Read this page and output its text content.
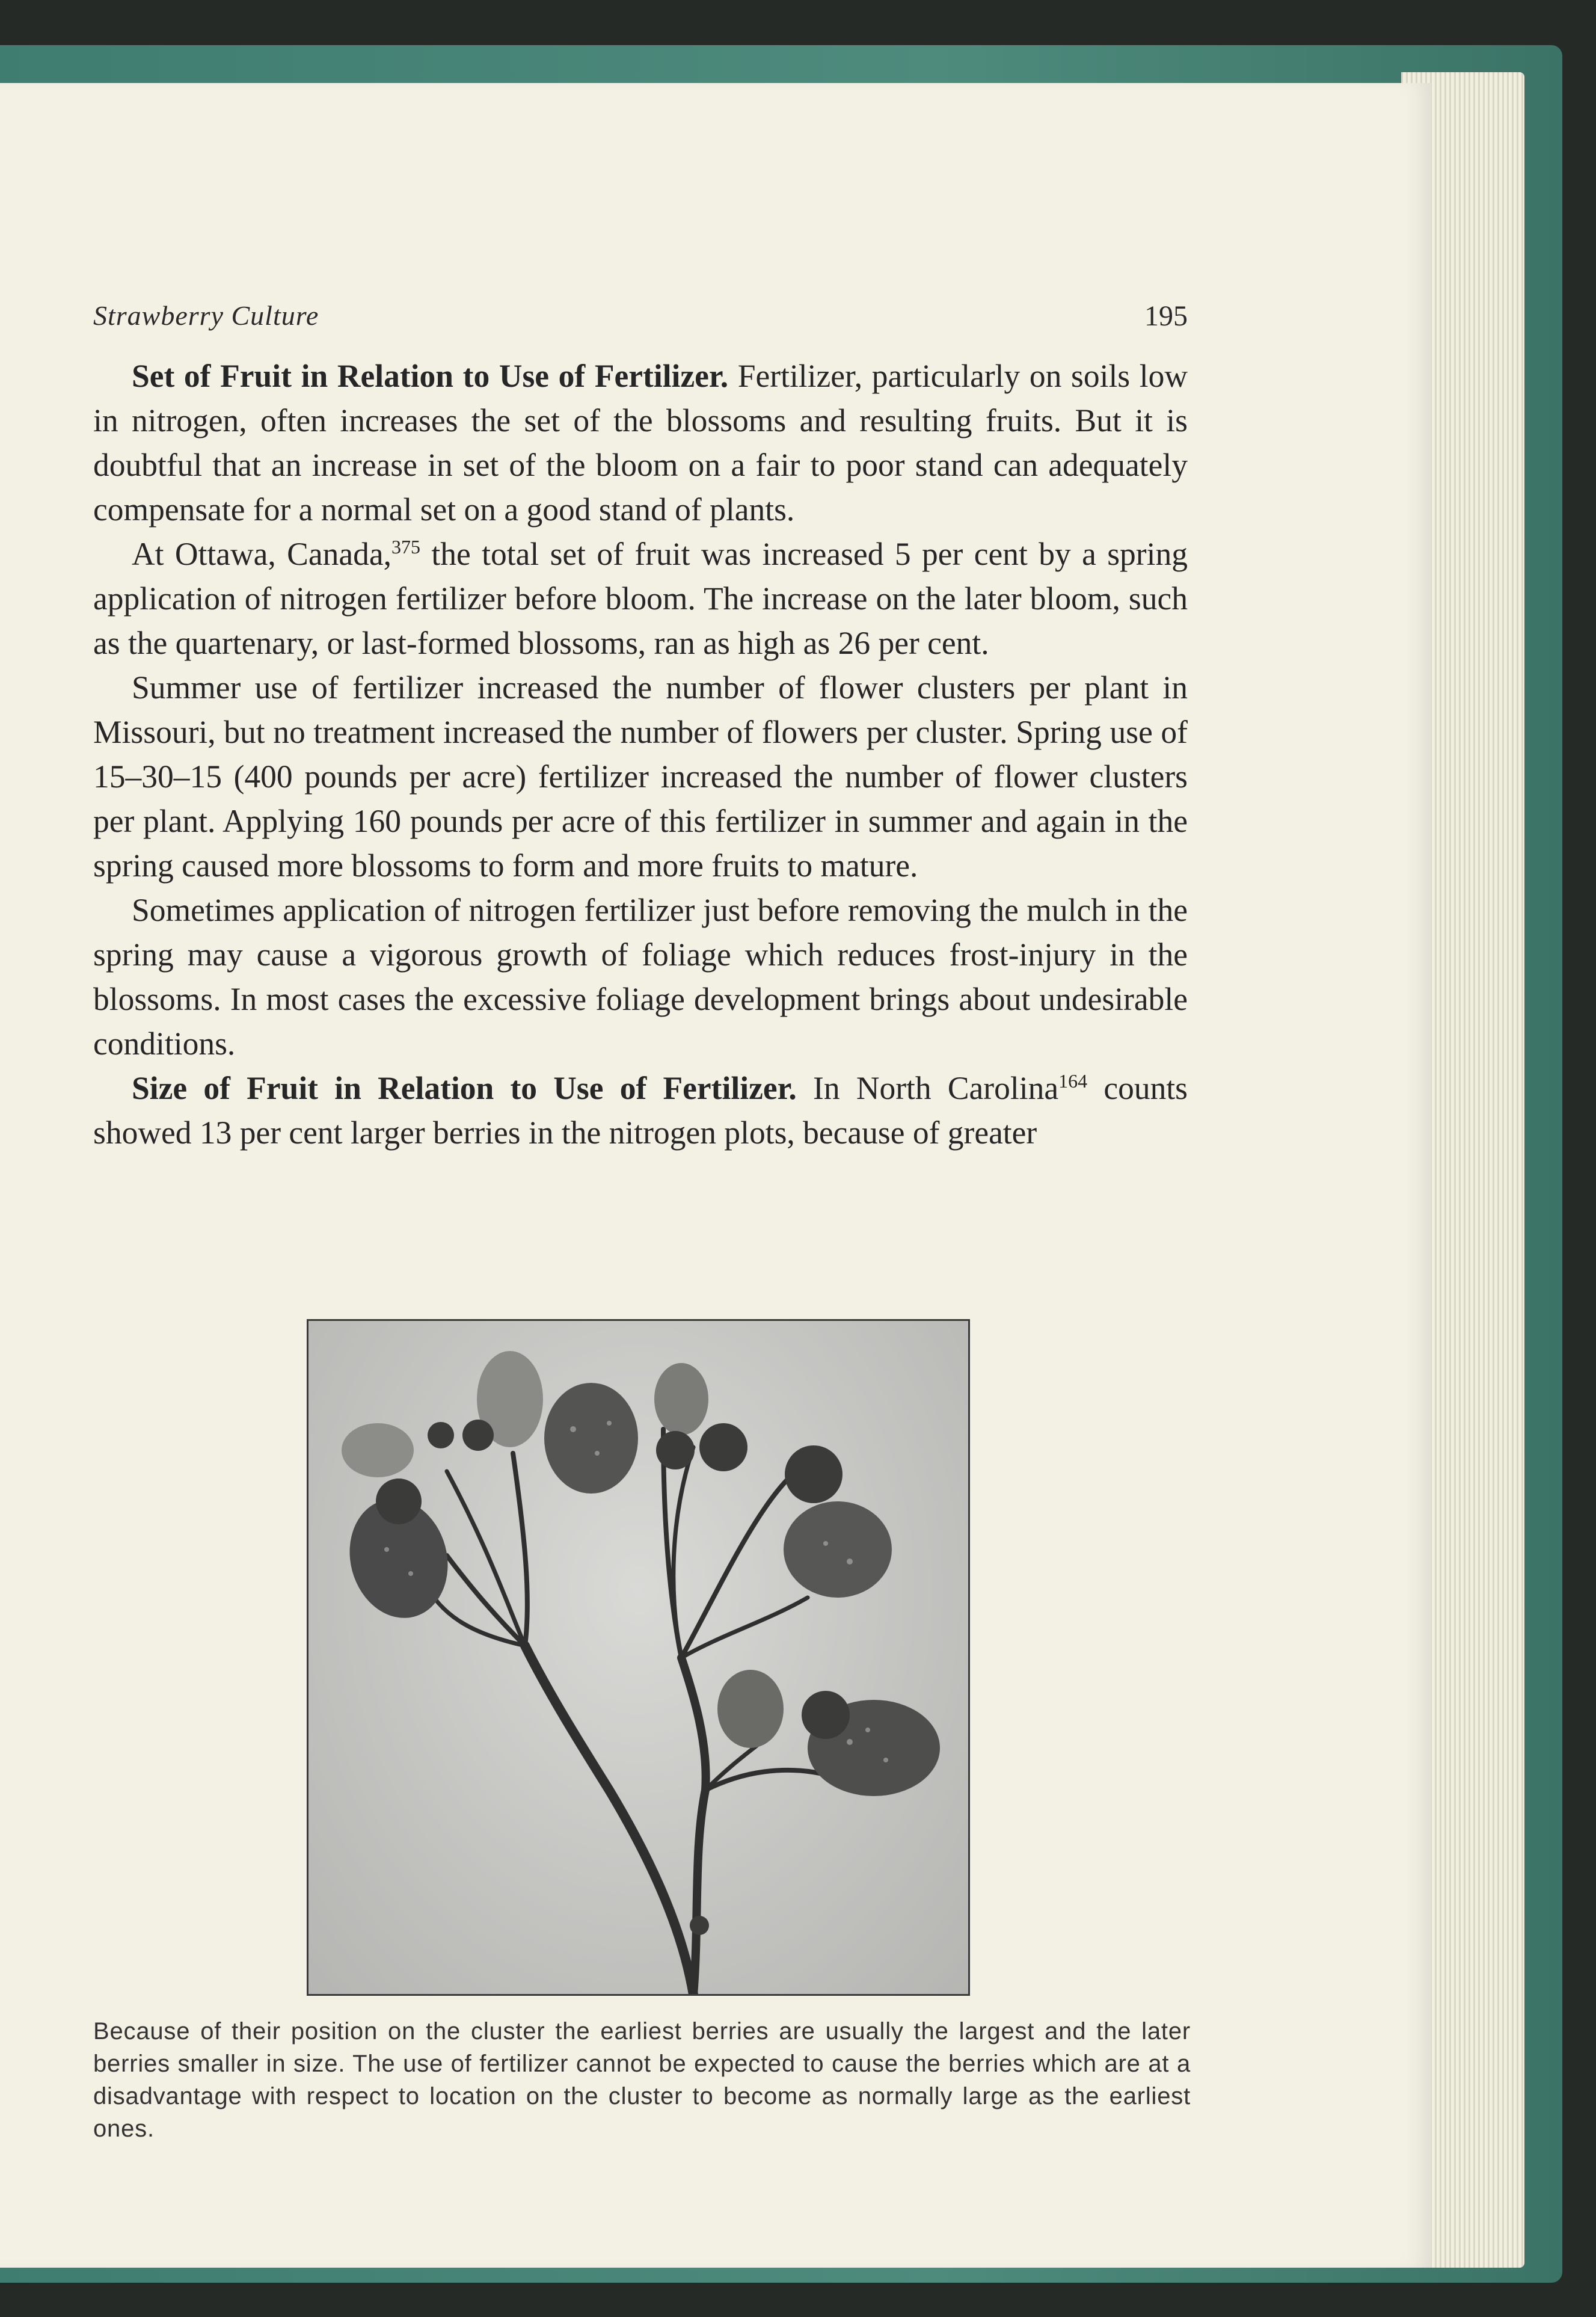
Strawberry Culture	195

Set of Fruit in Relation to Use of Fertilizer. Fertilizer, particularly on soils low in nitrogen, often increases the set of the blossoms and resulting fruits. But it is doubtful that an increase in set of the bloom on a fair to poor stand can adequately compensate for a normal set on a good stand of plants.

At Ottawa, Canada,$^{375}$ the total set of fruit was increased 5 per cent by a spring application of nitrogen fertilizer before bloom. The increase on the later bloom, such as the quartenary, or last-formed blossoms, ran as high as 26 per cent.

Summer use of fertilizer increased the number of flower clusters per plant in Missouri, but no treatment increased the number of flowers per cluster. Spring use of 15–30–15 (400 pounds per acre) fertilizer increased the number of flower clusters per plant. Applying 160 pounds per acre of this fertilizer in summer and again in the spring caused more blossoms to form and more fruits to mature.

Sometimes application of nitrogen fertilizer just before removing the mulch in the spring may cause a vigorous growth of foliage which reduces frost-injury in the blossoms. In most cases the excessive foliage development brings about undesirable conditions.

Size of Fruit in Relation to Use of Fertilizer. In North Carolina$^{164}$ counts showed 13 per cent larger berries in the nitrogen plots, because of greater

Because of their position on the cluster the earliest berries are usually the largest and the later berries smaller in size. The use of fertilizer cannot be expected to cause the berries which are at a disadvantage with respect to location on the cluster to become as normally large as the earliest ones.
